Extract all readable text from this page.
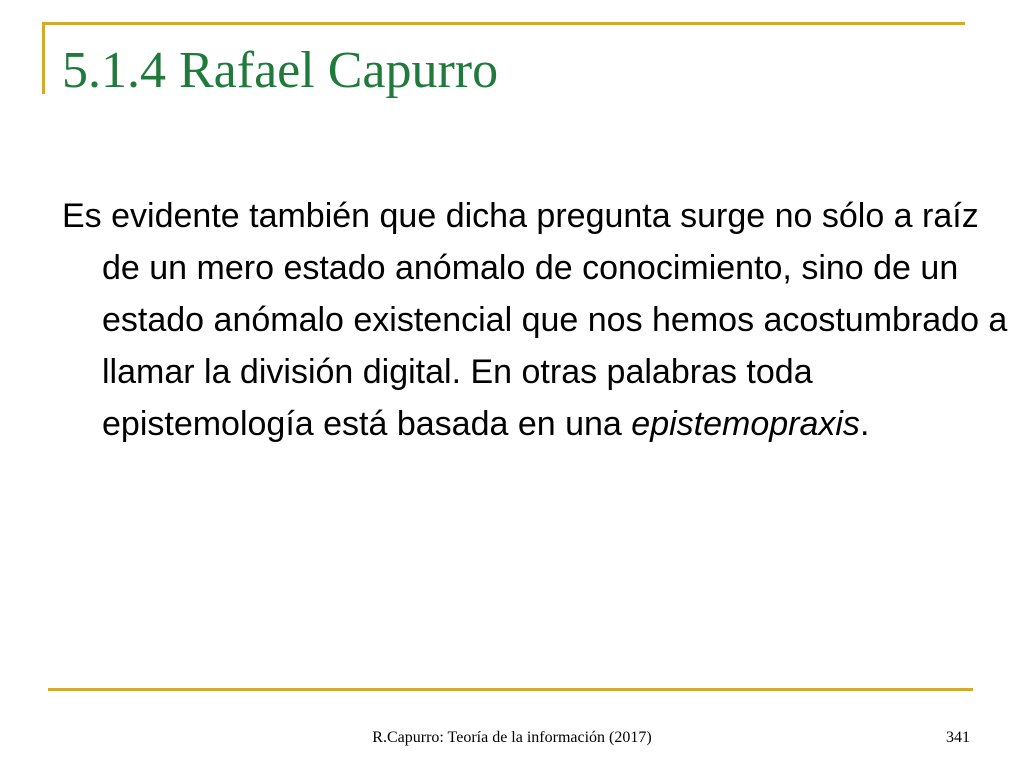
5.1.4 Rafael Capurro

Es evidente también que dicha pregunta surge no sólo a raíz de un mero estado anómalo de conocimiento, sino de un estado anómalo existencial que nos hemos acostumbrado a llamar la división digital. En otras palabras toda epistemología está basada en una epistemopraxis.

R.Capurro: Teoría de la información (2017)	341
